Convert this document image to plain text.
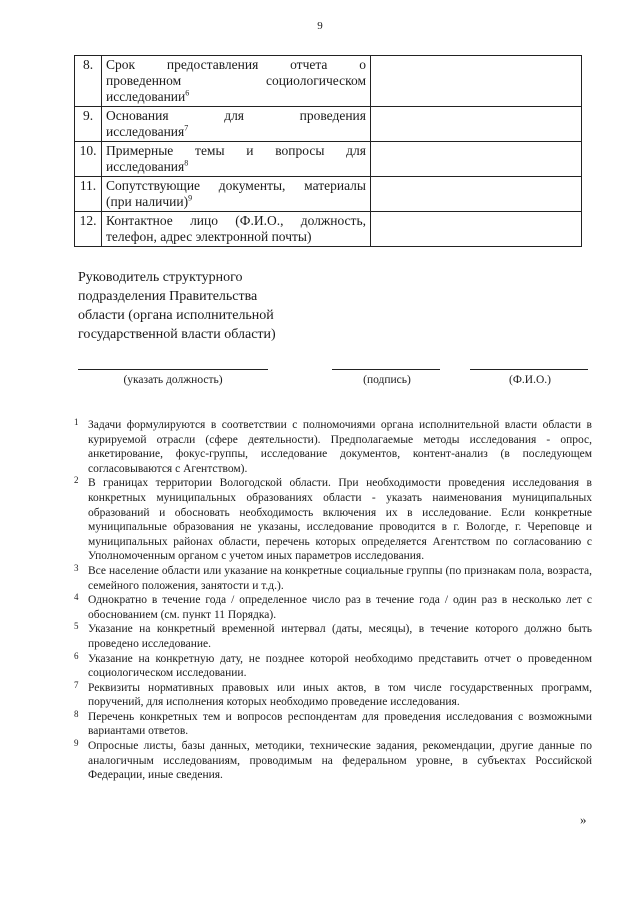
9
8.	Срок предоставления отчета о
проведенном социологическом
исследовании$^6$

9.	Основания для проведения
исследования$^7$

10.	Примерные темы и вопросы для
исследования$^8$

11.	Сопутствующие документы, материалы
(при наличии)$^9$

12.	Контактное лицо (Ф.И.О., должность,
телефон, адрес электронной почты)	

Руководитель структурного
подразделения Правительства
области (органа исполнительной
государственной власти области)
(указать должность)	(подпись)	(Ф.И.О.)

1 Задачи формулируются в соответствии с полномочиями органа исполнительной власти области в курируемой отрасли (сфере деятельности). Предполагаемые методы исследования - опрос, анкетирование, фокус-группы, исследование документов, контент-анализ (в последующем согласовываются с Агентством).

2 В границах территории Вологодской области. При необходимости проведения исследования в конкретных муниципальных образованиях области - указать наименования муниципальных образований и обосновать необходимость включения их в исследование. Если конкретные муниципальные образования не указаны, исследование проводится в г. Вологде, г. Череповце и муниципальных районах области, перечень которых определяется Агентством по согласованию с Уполномоченным органом с учетом иных параметров исследования.

3 Все население области или указание на конкретные социальные группы (по признакам пола, возраста, семейного положения, занятости и т.д.).

4 Однократно в течение года / определенное число раз в течение года / один раз в несколько лет с обоснованием (см. пункт 11 Порядка).

5 Указание на конкретный временной интервал (даты, месяцы), в течение которого должно быть проведено исследование.

6 Указание на конкретную дату, не позднее которой необходимо представить отчет о проведенном социологическом исследовании.

7 Реквизиты нормативных правовых или иных актов, в том числе государственных программ, поручений, для исполнения которых необходимо проведение исследования.

8 Перечень конкретных тем и вопросов респондентам для проведения исследования с возможными вариантами ответов.

9 Опросные листы, базы данных, методики, технические задания, рекомендации, другие данные по аналогичным исследованиям, проводимым на федеральном уровне, в субъектах Российской Федерации, иные сведения.

»
